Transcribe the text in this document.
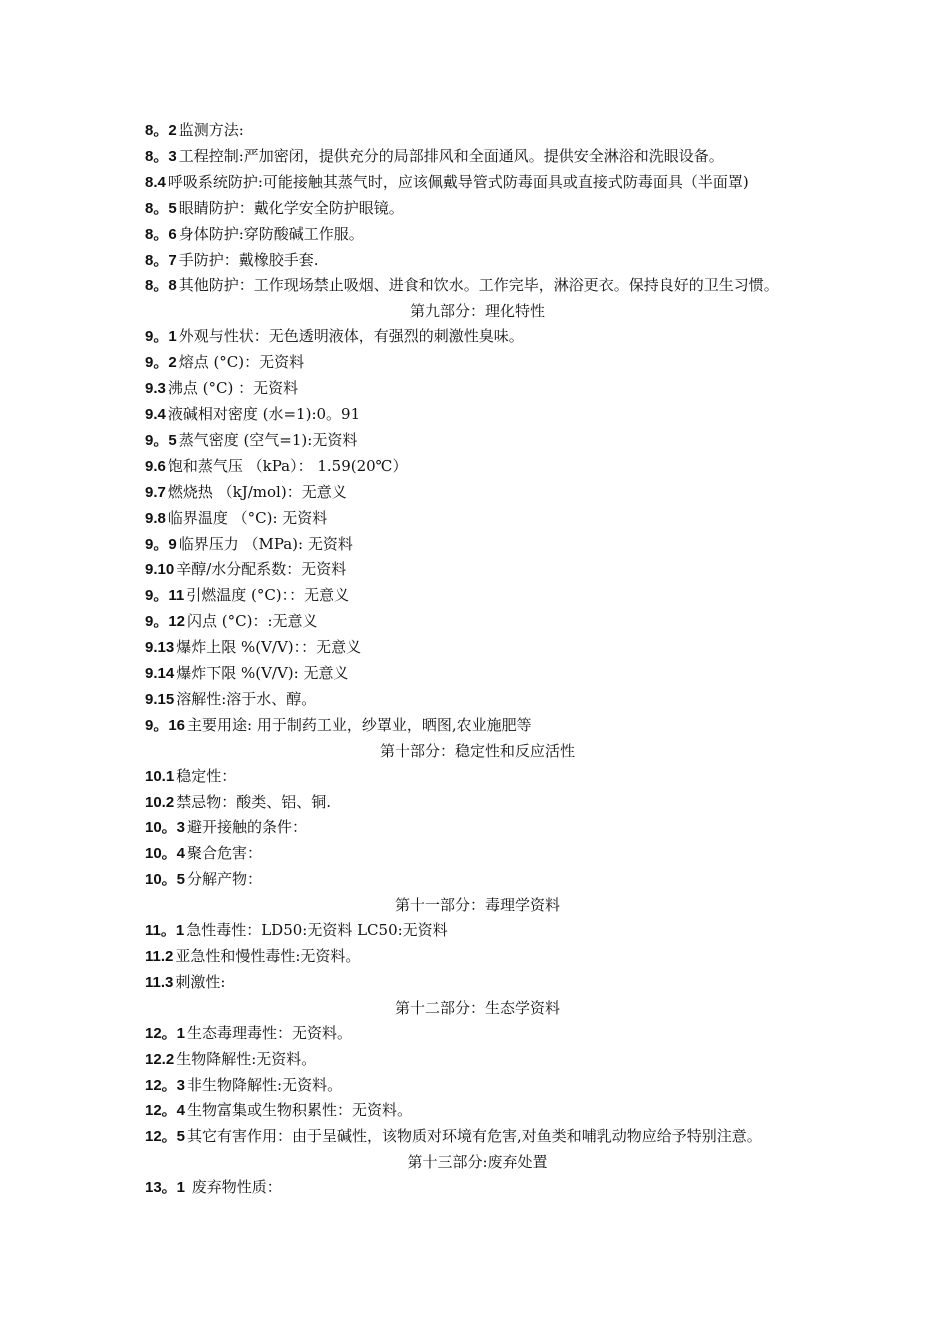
8。2 监测方法:
8。3 工程控制:严加密闭，提供充分的局部排风和全面通风。提供安全淋浴和洗眼设备。
8.4 呼吸系统防护:可能接触其蒸气时，应该佩戴导管式防毒面具或直接式防毒面具（半面罩)
8。5 眼睛防护：戴化学安全防护眼镜。
8。6 身体防护:穿防酸碱工作服。
8。7 手防护：戴橡胶手套.
8。8 其他防护：工作现场禁止吸烟、进食和饮水。工作完毕，淋浴更衣。保持良好的卫生习惯。
第九部分：理化特性
9。1 外观与性状：无色透明液体，有强烈的刺激性臭味。
9。2 熔点 (°C)：无资料
9.3 沸点 (°C) ：无资料
9.4 液碱相对密度 (水=1):0。91
9。5 蒸气密度 (空气=1):无资料
9.6 饱和蒸气压 （kPa）： 1.59(20℃）
9.7 燃烧热 （kJ/mol)：无意义
9.8 临界温度 （°C): 无资料
9。9 临界压力 （MPa): 无资料
9.10 辛醇/水分配系数：无资料
9。11 引燃温度 (°C)：：无意义
9。12 闪点 (°C)：:无意义
9.13 爆炸上限 %(V/V)：：无意义
9.14 爆炸下限 %(V/V): 无意义
9.15 溶解性:溶于水、醇。
9。16 主要用途: 用于制药工业，纱罩业，晒图,农业施肥等
第十部分：稳定性和反应活性
10.1 稳定性：
10.2 禁忌物：酸类、铝、铜.
10。3 避开接触的条件：
10。4 聚合危害：
10。5 分解产物：
第十一部分：毒理学资料
11。1 急性毒性：LD50:无资料 LC50:无资料
11.2 亚急性和慢性毒性:无资料。
11.3 刺激性:
第十二部分：生态学资料
12。1 生态毒理毒性：无资料。
12.2 生物降解性:无资料。
12。3 非生物降解性:无资料。
12。4 生物富集或生物积累性：无资料。
12。5 其它有害作用：由于呈碱性，该物质对环境有危害,对鱼类和哺乳动物应给予特别注意。
第十三部分:废弃处置
13。1 废弃物性质：
